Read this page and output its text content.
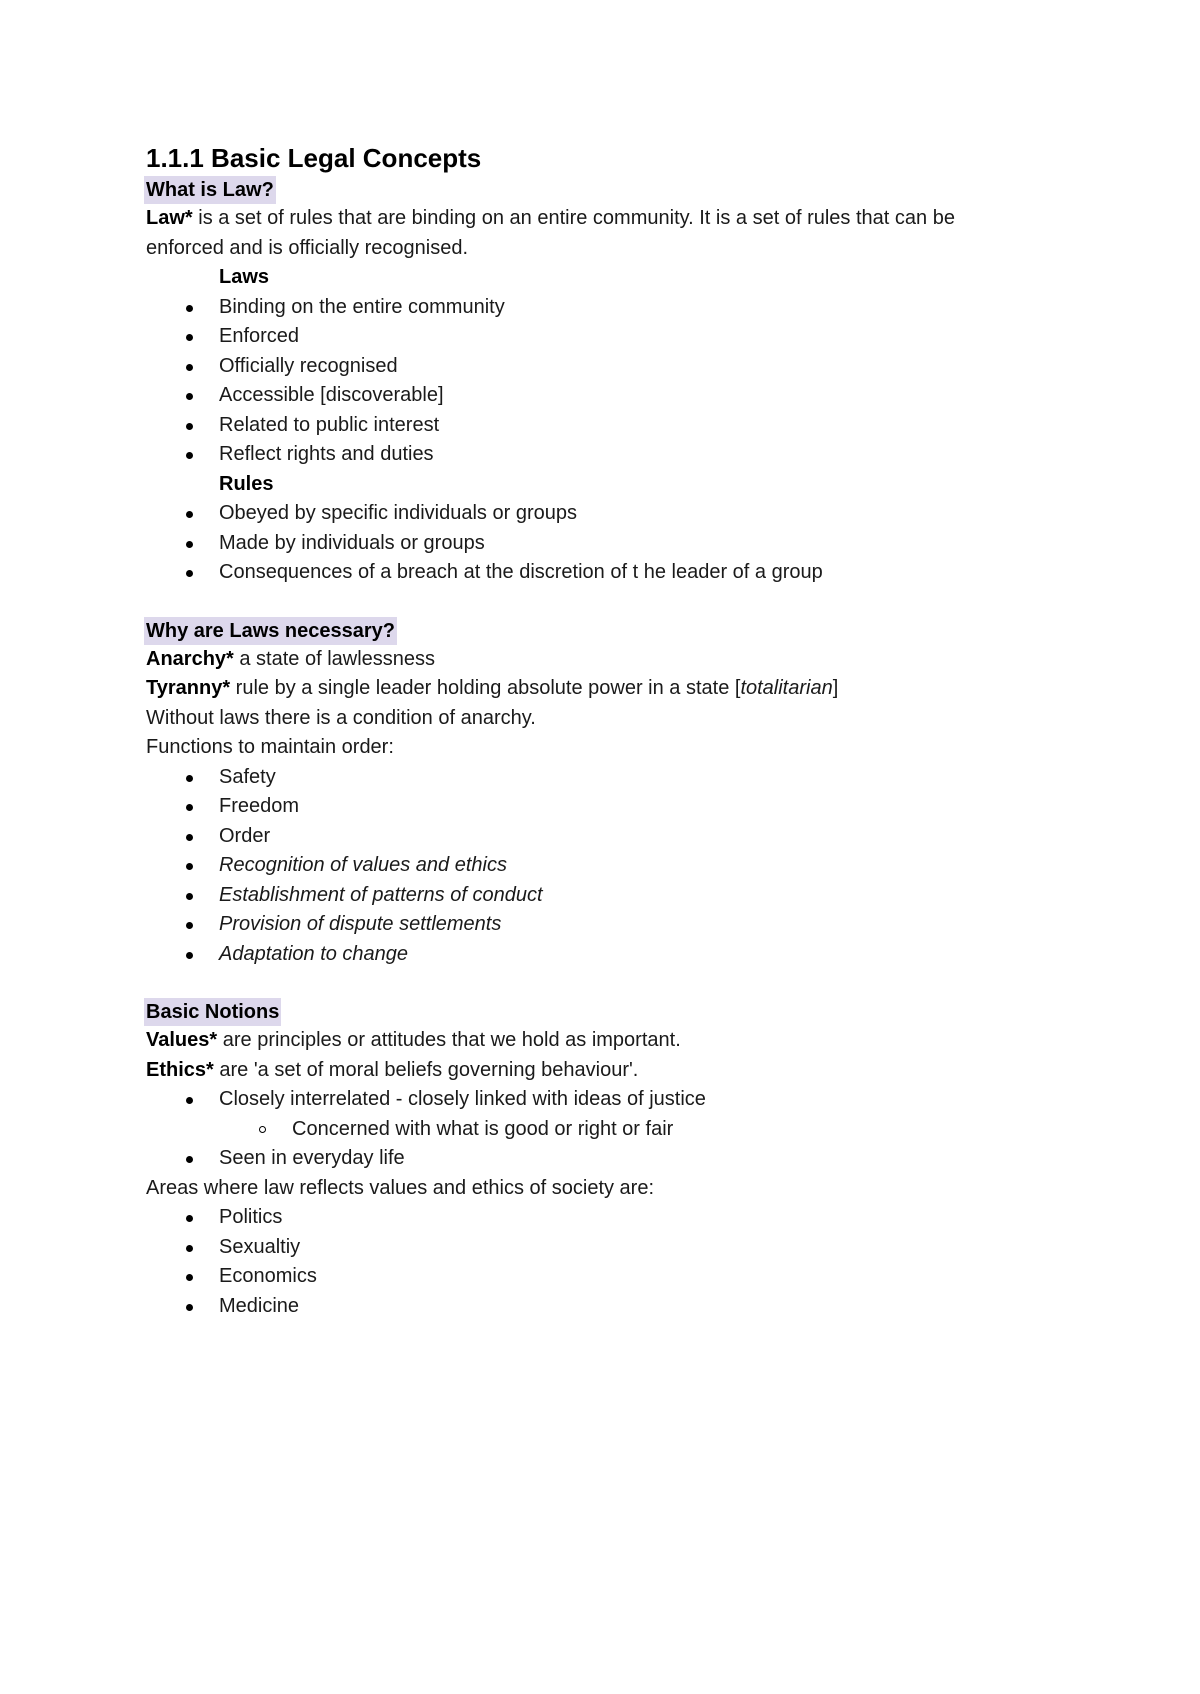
1.1.1 Basic Legal Concepts
What is Law?
Law* is a set of rules that are binding on an entire community. It is a set of rules that can be
enforced and is officially recognised.
Laws
Binding on the entire community
Enforced
Officially recognised
Accessible [discoverable]
Related to public interest
Reflect rights and duties
Rules
Obeyed by specific individuals or groups
Made by individuals or groups
Consequences of a breach at the discretion of t he leader of a group
Why are Laws necessary?
Anarchy* a state of lawlessness
Tyranny* rule by a single leader holding absolute power in a state [totalitarian]
Without laws there is a condition of anarchy.
Functions to maintain order:
Safety
Freedom
Order
Recognition of values and ethics
Establishment of patterns of conduct
Provision of dispute settlements
Adaptation to change
Basic Notions
Values* are principles or attitudes that we hold as important.
Ethics* are 'a set of moral beliefs governing behaviour'.
Closely interrelated - closely linked with ideas of justice
Concerned with what is good or right or fair
Seen in everyday life
Areas where law reflects values and ethics of society are:
Politics
Sexualtiy
Economics
Medicine
